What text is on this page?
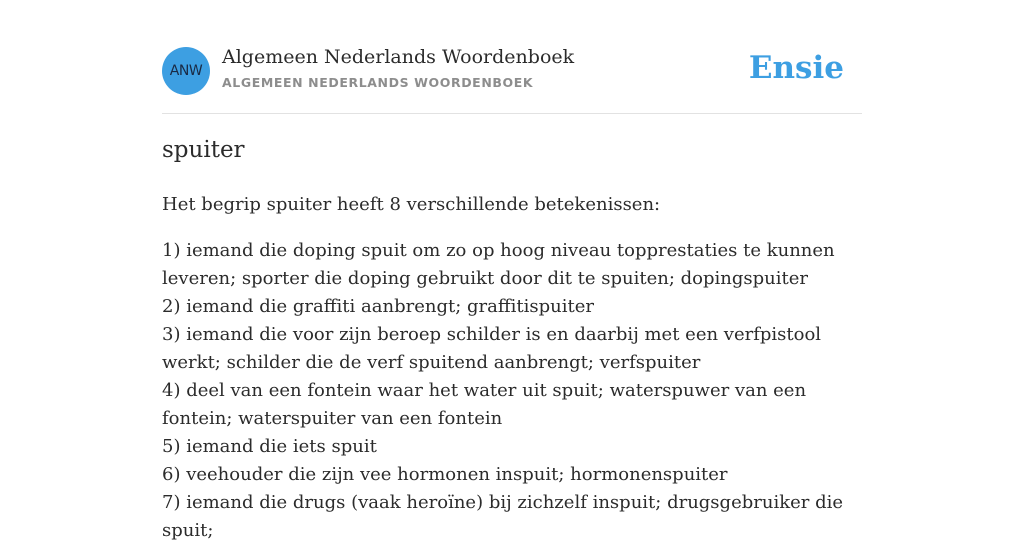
ANW
Algemeen Nederlands Woordenboek
ALGEMEEN NEDERLANDS WOORDENBOEK	Ensie
spuiter

Het begrip spuiter heeft 8 verschillende betekenissen:

1) iemand die doping spuit om zo op hoog niveau topprestaties te kunnen leveren; sporter die doping gebruikt door dit te spuiten; dopingspuiter
2) iemand die graffiti aanbrengt; graffitispuiter
3) iemand die voor zijn beroep schilder is en daarbij met een verfpistool werkt; schilder die de verf spuitend aanbrengt; verfspuiter
4) deel van een fontein waar het water uit spuit; waterspuwer van een fontein; waterspuiter van een fontein
5) iemand die iets spuit
6) veehouder die zijn vee hormonen inspuit; hormonenspuiter
7) iemand die drugs (vaak heroïne) bij zichzelf inspuit; drugsgebruiker die spuit;
